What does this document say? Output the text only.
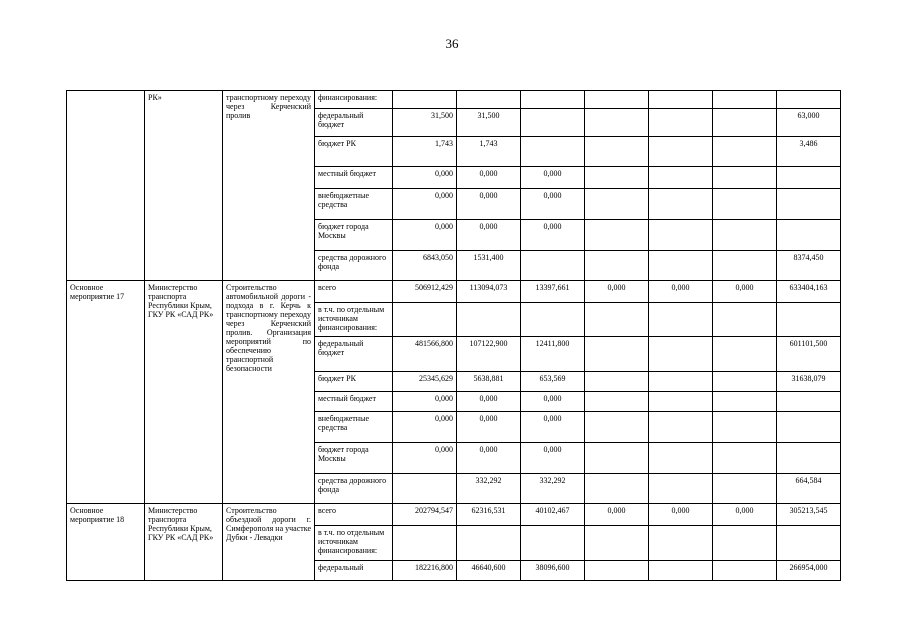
36
	РК»	транспортному переходу через Керченский пролив	финансирования:							
			федеральный бюджет	31,500	31,500					63,000
			бюджет РК	1,743	1,743					3,486
			местный бюджет	0,000	0,000	0,000				
			внебюджетные средства	0,000	0,000	0,000				
			бюджет города Москвы	0,000	0,000	0,000				
			средства дорожного фонда	6843,050	1531,400					8374,450
Основное мероприятие 17	Министерство транспорта Республики Крым, ГКУ РК «САД РК»	Строительство автомобильной дороги - подхода в г. Керчь к транспортному переходу через Керченский пролив. Организация мероприятий по обеспечению транспортной безопасности	всего	506912,429	113094,073	13397,661	0,000	0,000	0,000	633404,163
			в т.ч. по отдельным источникам финансирования:							
			федеральный бюджет	481566,800	107122,900	12411,800				601101,500
			бюджет РК	25345,629	5638,881	653,569				31638,079
			местный бюджет	0,000	0,000	0,000				
			внебюджетные средства	0,000	0,000	0,000				
			бюджет города Москвы	0,000	0,000	0,000				
			средства дорожного фонда		332,292	332,292				664,584
Основное мероприятие 18	Министерство транспорта Республики Крым, ГКУ РК «САД РК»	Строительство объездной дороги г. Симферополя на участке Дубки - Левадки	всего	202794,547	62316,531	40102,467	0,000	0,000	0,000	305213,545
			в т.ч. по отдельным источникам финансирования:							
			федеральный	182216,800	46640,600	38096,600				266954,000
